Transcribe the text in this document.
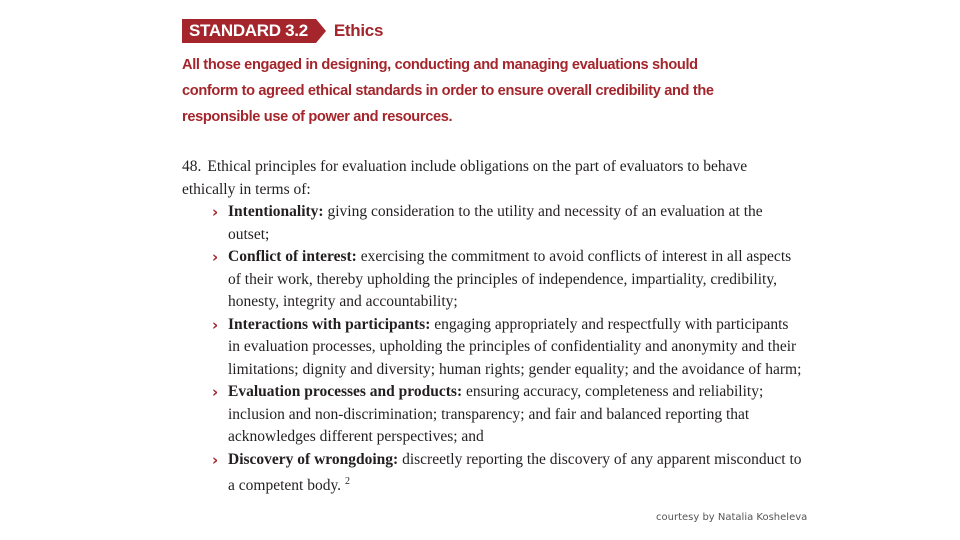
STANDARD 3.2	Ethics
All those engaged in designing, conducting and managing evaluations should conform to agreed ethical standards in order to ensure overall credibility and the responsible use of power and resources.
48. Ethical principles for evaluation include obligations on the part of evaluators to behave ethically in terms of:
› Intentionality: giving consideration to the utility and necessity of an evaluation at the outset;
› Conflict of interest: exercising the commitment to avoid conflicts of interest in all aspects of their work, thereby upholding the principles of independence, impartiality, credibility, honesty, integrity and accountability;
› Interactions with participants: engaging appropriately and respectfully with participants in evaluation processes, upholding the principles of confidentiality and anonymity and their limitations; dignity and diversity; human rights; gender equality; and the avoidance of harm;
› Evaluation processes and products: ensuring accuracy, completeness and reliability; inclusion and non-discrimination; transparency; and fair and balanced reporting that acknowledges different perspectives; and
› Discovery of wrongdoing: discreetly reporting the discovery of any apparent misconduct to a competent body. $^2$
courtesy by Natalia Kosheleva
